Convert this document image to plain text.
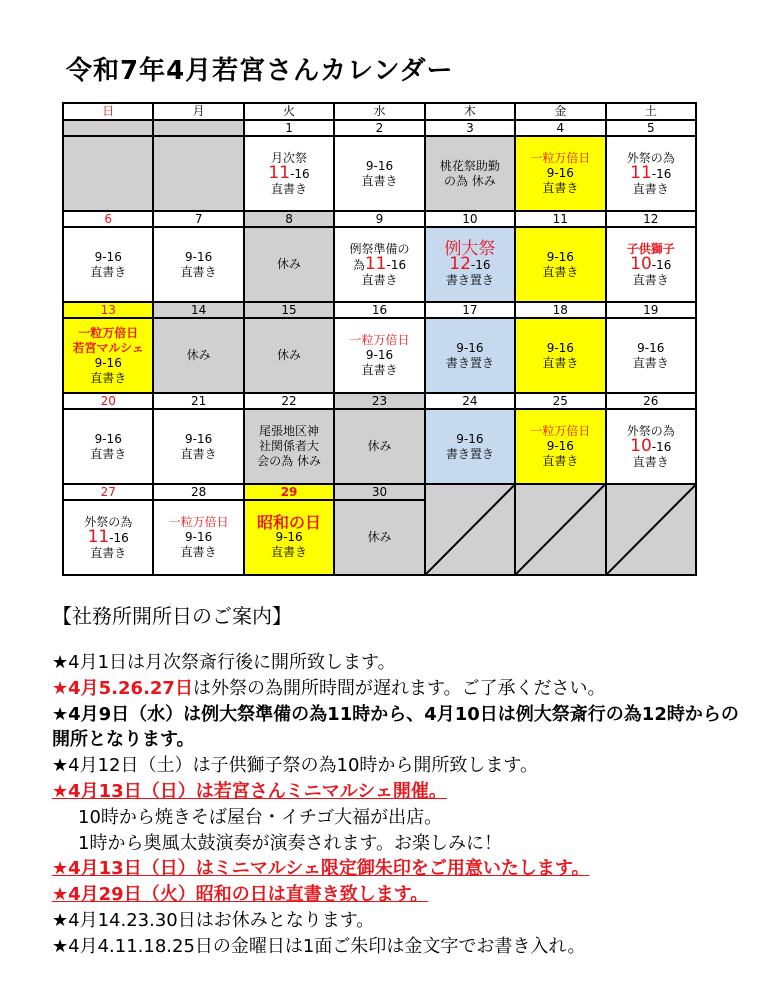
令和7年4月若宮さんカレンダー
日	月	火	水	木	金	土
		1	2	3	4	5

		月次祭
11-16
直書き	9-16
直書き	桃花祭助勤
の為 休み	一粒万倍日
9-16
直書き	外祭の為
11-16
直書き

6	7	8	9	10	11	12

9-16
直書き	9-16
直書き	休み	例祭準備の
為11-16
直書き	例大祭
12-16
書き置き	9-16
直書き	子供獅子
10-16
直書き

13	14	15	16	17	18	19

一粒万倍日
若宮マルシェ
9-16
直書き	休み	休み	一粒万倍日
9-16
直書き	9-16
書き置き	9-16
直書き	9-16
直書き

20	21	22	23	24	25	26

9-16
直書き	9-16
直書き	尾張地区神
社関係者大
会の為 休み	休み	9-16
書き置き	一粒万倍日
9-16
直書き	外祭の為
10-16
直書き

27	28	29	30	

外祭の為
11-16
直書き	一粒万倍日
9-16
直書き	昭和の日
9-16
直書き	休み			
【社務所開所日のご案内】
★4月1日は月次祭斎行後に開所致します。
★4月5.26.27日は外祭の為開所時間が遅れます。ご了承ください。
★4月9日（水）は例大祭準備の為11時から、4月10日は例大祭斎行の為12時からの開所となります。
★4月12日（土）は子供獅子祭の為10時から開所致します。
★4月13日（日）は若宮さんミニマルシェ開催。
10時から焼きそば屋台・イチゴ大福が出店。
1時から奥風太鼓演奏が演奏されます。お楽しみに！
★4月13日（日）はミニマルシェ限定御朱印をご用意いたします。
★4月29日（火）昭和の日は直書き致します。
★4月14.23.30日はお休みとなります。
★4月4.11.18.25日の金曜日は1面ご朱印は金文字でお書き入れ。
